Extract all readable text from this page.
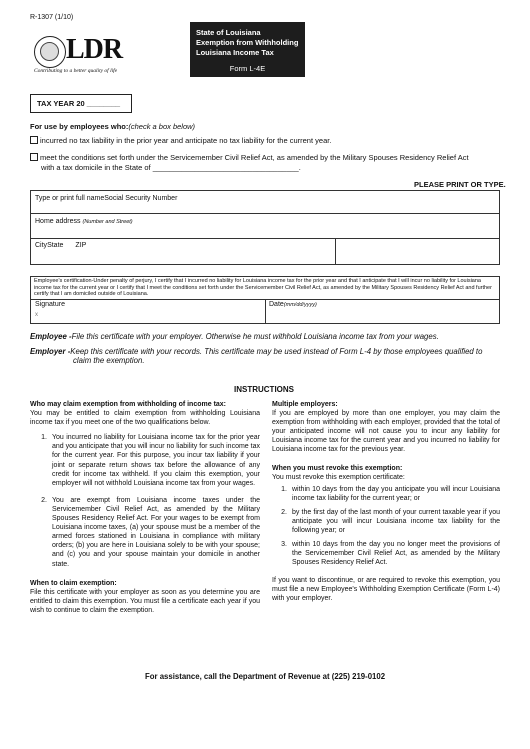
R-1307 (1/10)
LDR
Contributing to a better quality of life
State of Louisiana Exemption from Withholding Louisiana Income Tax
Form L-4E
TAX YEAR 20 ________
For use by employees who:(check a box below)
incurred no tax liability in the prior year and anticipate no tax liability for the current year.
meet the conditions set forth under the Servicemember Civil Relief Act, as amended by the Military Spouses Residency Relief Act
with a tax domicile in the State of ___________________________________.
PLEASE PRINT OR TYPE.
Type or print full nameSocial Security Number
Home address (Number and Street)
CityState ZIP
Employee's certification-Under penalty of perjury, I certify that I incurred no liability for Louisiana income tax for the prior year and that I anticipate that I will incur no liability for Louisiana income tax for the current year or I certify that I meet the conditions set forth under the Servicemember Civil Relief Act, as amended by the Military Spouses Residency Relief Act and further certify that I am domiciled outside of Louisiana.
Signature
x
Date(mm/dd/yyyy)
Employee -File this certificate with your employer. Otherwise he must withhold Louisiana income tax from your wages.
Employer -Keep this certificate with your records. This certificate may be used instead of Form L-4 by those employees qualified to
claim the exemption.
INSTRUCTIONS

Who may claim exemption from withholding of income tax:

You may be entitled to claim exemption from withholding Louisiana income tax if you meet one of the two qualifications below.

1. You incurred no liability for Louisiana income tax for the prior year and you anticipate that you will incur no liability for such income tax for the current year. For this purpose, you incur tax liability if your joint or separate return shows tax before the allowance of any credit for income tax withheld. If you claim this exemption, your employer will not withhold Louisiana income tax from your wages.
2. You are exempt from Louisiana income taxes under the Servicemember Civil Relief Act, as amended by the Military Spouses Residency Relief Act. For your wages to be exempt from Louisiana income taxes, (a) your spouse must be a member of the armed forces stationed in Louisiana in compliance with military orders; (b) you are here in Louisiana solely to be with your spouse; and (c) you and your spouse maintain your domicile in another state.

When to claim exemption:

File this certificate with your employer as soon as you determine you are entitled to claim this exemption. You must file a certificate each year if you wish to continue to claim the exemption.

Multiple employers:

If you are employed by more than one employer, you may claim the exemption from withholding with each employer, provided that the total of your anticipated income will not cause you to incur any liability for Louisiana income tax for the current year and you incurred no liability for Louisiana income tax for the previous year.

When you must revoke this exemption:

You must revoke this exemption certificate:

1. within 10 days from the day you anticipate you will incur Louisiana income tax liability for the current year; or
2. by the first day of the last month of your current taxable year if you anticipate you will incur Louisiana income tax liability for the following year; or
3. within 10 days from the day you no longer meet the provisions of the Servicemember Civil Relief Act, as amended by the Military Spouses Residency Relief Act.

If you want to discontinue, or are required to revoke this exemption, you must file a new Employee's Withholding Exemption Certificate (Form L-4) with your employer.

For assistance, call the Department of Revenue at (225) 219-0102
